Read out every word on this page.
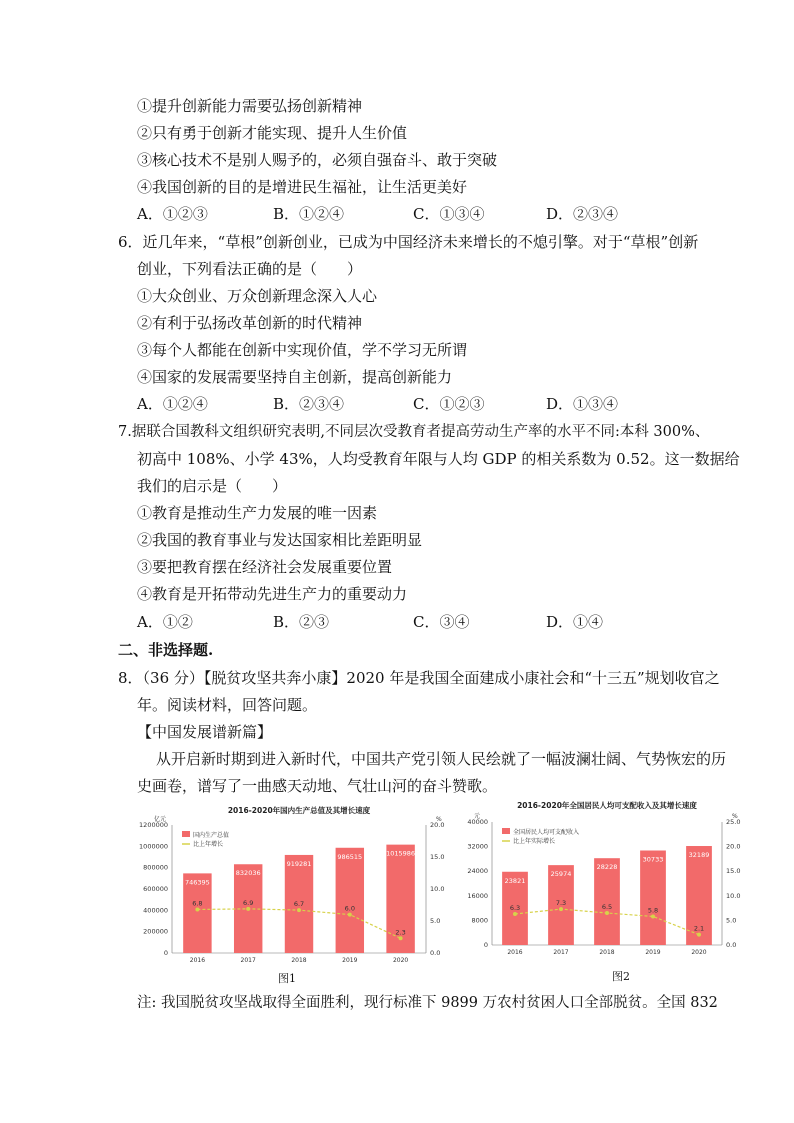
①提升创新能力需要弘扬创新精神
②只有勇于创新才能实现、提升人生价值
③核心技术不是别人赐予的，必须自强奋斗、敢于突破
④我国创新的目的是增进民生福祉，让生活更美好
A．①②③	B．①②④	C．①③④	D．②③④
6．近几年来，“草根”创新创业，已成为中国经济未来增长的不熄引擎。对于“草根”创新
创业，下列看法正确的是（　　）
①大众创业、万众创新理念深入人心
②有利于弘扬改革创新的时代精神
③每个人都能在创新中实现价值，学不学习无所谓
④国家的发展需要坚持自主创新，提高创新能力
A．①②④	B．②③④	C．①②③	D．①③④
7.据联合国教科文组织研究表明,不同层次受教育者提高劳动生产率的水平不同:本科 300%、
初高中 108%、小学 43%，人均受教育年限与人均 GDP 的相关系数为 0.52。这一数据给
我们的启示是（　　）
①教育是推动生产力发展的唯一因素
②我国的教育事业与发达国家相比差距明显
③要把教育摆在经济社会发展重要位置
④教育是开拓带动先进生产力的重要动力
A．①②	B．②③	C．③④	D．①④
二、非选择题.
8．（36 分）【脱贫攻坚共奔小康】2020 年是我国全面建成小康社会和“十三五”规划收官之
年。阅读材料，回答问题。
【中国发展谱新篇】
从开启新时期到进入新时代，中国共产党引领人民绘就了一幅波澜壮阔、气势恢宏的历
史画卷，谱写了一曲感天动地、气壮山河的奋斗赞歌。
2016-2020年国内生产总值及其增长速度
亿元	%
0
200000
400000
600000
800000
1000000
1200000
0.0
5.0
10.0
15.0
20.0
746395
2016
832036
2017
919281
2018
986515
2019
1015986
2020
6.8	6.9	6.7
6.0
2.3
国内生产总值
比上年增长
图1
2016-2020年全国居民人均可支配收入及其增长速度
元	%
0
8000
16000
24000
32000
40000
0.0
5.0
10.0
15.0
20.0
25.0
23821
2016
25974
2017
28228
2018
30733
2019
32189
2020
6.3
7.3	6.5	5.8
2.1
全国居民人均可支配收入
比上年实际增长
图2
注: 我国脱贫攻坚战取得全面胜利，现行标准下 9899 万农村贫困人口全部脱贫。全国 832
